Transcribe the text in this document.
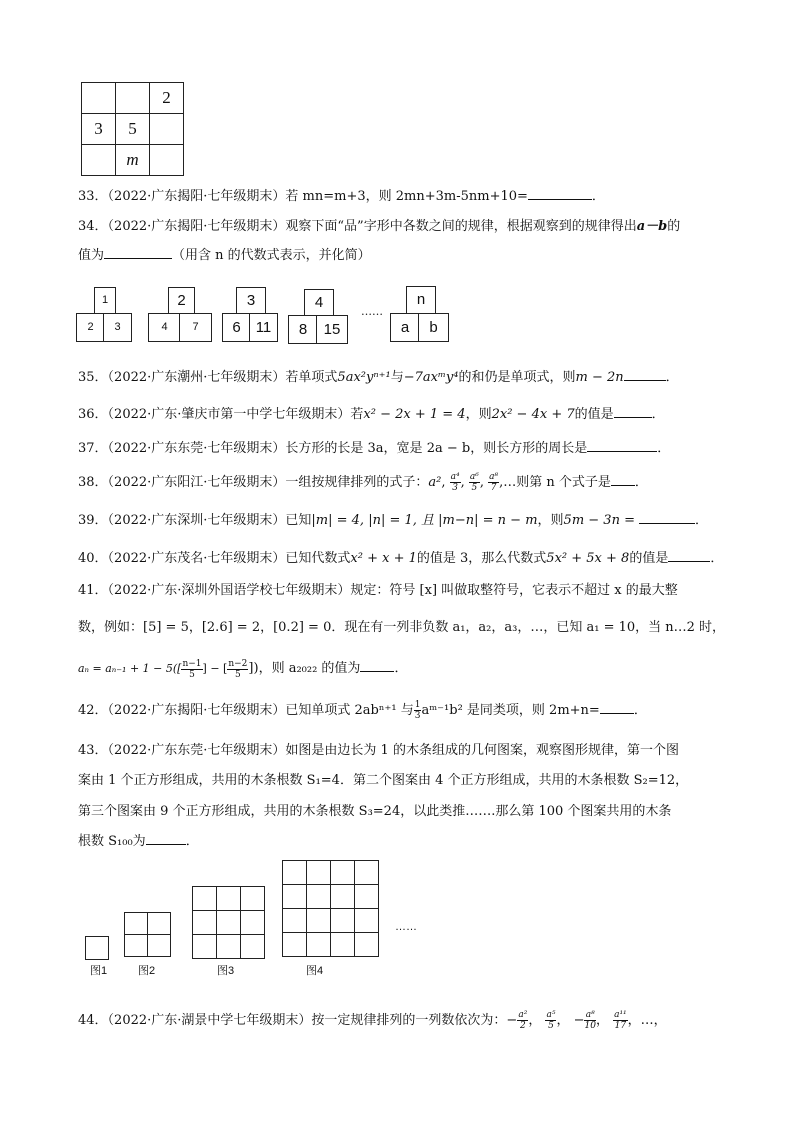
		2
3	5	
	m	
33．（2022·广东揭阳·七年级期末）若 mn=m+3，则 2mn+3m-5nm+10=	．
34．（2022·广东揭阳·七年级期末）观察下面“品”字形中各数之间的规律，根据观察到的规律得出a－b的
值为	（用含 n 的代数式表示，并化简）
1
2	3
2
4	7
3
6	11
4
8	15
……
n
a	b
35．（2022·广东潮州·七年级期末）若单项式5ax²yⁿ⁺¹与−7axᵐy⁴的和仍是单项式，则m − 2n	．
36．（2022·广东·肇庆市第一中学七年级期末）若x² − 2x + 1 = 4，则2x² − 4x + 7的值是	．
37．（2022·广东东莞·七年级期末）长方形的长是 3a，宽是 2a − b，则长方形的周长是	．
38．（2022·广东阳江·七年级期末）一组按规律排列的式子：a², $\frac{\text{a⁴}}{3}$ , $\frac{\text{a⁶}}{5}$ , $\frac{\text{a⁸}}{7}$ ,…则第 n 个式子是 ．
39．（2022·广东深圳·七年级期末）已知|m| = 4, |n| = 1, 且 |m−n| = n − m，则5m − 3n =	．
40．（2022·广东茂名·七年级期末）已知代数式x² + x + 1的值是 3，那么代数式5x² + 5x + 8的值是	．
41．（2022·广东·深圳外国语学校七年级期末）规定：符号 [x] 叫做取整符号，它表示不超过 x 的最大整
数，例如：[5] = 5，[2.6] = 2，[0.2] = 0．现在有一列非负数 a₁，a₂，a₃，…，已知 a₁ = 10，当 n…2 时，
$a_n = a_{n-1} + 1 - 5([ \frac{n-1}{5}$ ] − [ $\frac{n-2}{5}$ ])，则 a₂₀₂₂ 的值为	．
42．（2022·广东揭阳·七年级期末）已知单项式 2abⁿ⁺¹ 与 $\frac{1}{3}$ aᵐ⁻¹b² 是同类项，则 2m+n=	．
43．（2022·广东东莞·七年级期末）如图是由边长为 1 的木条组成的几何图案，观察图形规律，第一个图
案由 1 个正方形组成，共用的木条根数 S₁=4．第二个图案由 4 个正方形组成，共用的木条根数 S₂=12，
第三个图案由 9 个正方形组成，共用的木条根数 S₃=24，以此类推…….那么第 100 个图案共用的木条
根数 S₁₀₀为	．
……
图1	图2	图3	图4
44．（2022·广东·湖景中学七年级期末）按一定规律排列的一列数依次为：− $\frac{\text{a²}}{2}$ ， $\frac{\text{a⁵}}{5}$ ， − $\frac{\text{a⁸}}{10}$ ， $\frac{\text{a¹¹}}{17}$ ，…，
